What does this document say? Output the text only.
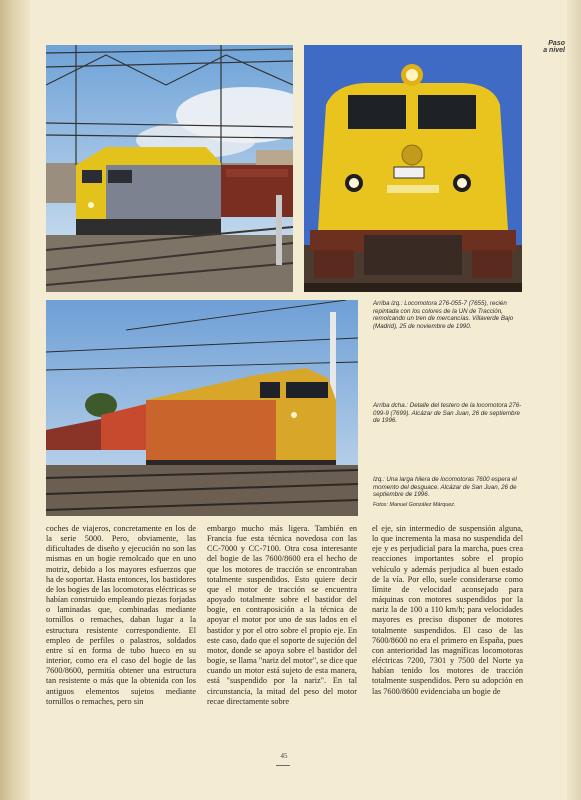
Paso
a nivel
Arriba izq.: Locomotora 276-055-7 (7655), recién repintada con los colores de la UN de Tracción, remolcando un tren de mercancías. Villaverde Bajo (Madrid), 25 de noviembre de 1990.
Arriba dcha.: Detalle del testero de la locomotora 276-099-9 (7699). Alcázar de San Juan, 26 de septiembre de 1996.
Izq.: Una larga hilera de locomotoras 7600 espera el momento del desguace. Alcázar de San Juan, 26 de septiembre de 1996.
Fotos: Manuel González Márquez.
coches de viajeros, concretamente en los de la serie 5000. Pero, obviamente, las dificultades de diseño y ejecución no son las mismas en un bogie remolcado que en uno motriz, debido a los mayores esfuerzos que ha de soportar. Hasta entonces, los bastidores de los bogies de las locomotoras eléctricas se habían construido empleando piezas forjadas o laminadas que, combinadas mediante tornillos o remaches, daban lugar a la estructura resistente correspondiente. El empleo de perfiles o palastros, soldados entre sí en forma de tubo hueco en su interior, como era el caso del bogie de las 7600/8600, permitía obtener una estructura tan resistente o más que la obtenida con los antiguos elementos sujetos mediante tornillos o remaches, pero sin
embargo mucho más ligera. También en Francia fue esta técnica novedosa con las CC-7000 y CC-7100. Otra cosa interesante del bogie de las 7600/8600 era el hecho de que los motores de tracción se encontraban totalmente suspendidos. Esto quiere decir que el motor de tracción se encuentra apoyado totalmente sobre el bastidor del bogie, en contraposición a la técnica de apoyar el motor por uno de sus lados en el bastidor y por el otro sobre el propio eje. En este caso, dado que el soporte de sujeción del motor, donde se apoya sobre el bastidor del bogie, se llama "nariz del motor", se dice que cuando un motor está sujeto de esta manera, está "suspendido por la nariz". En tal circunstancia, la mitad del peso del motor recae directamente sobre
el eje, sin intermedio de suspensión alguna, lo que incrementa la masa no suspendida del eje y es perjudicial para la marcha, pues crea reacciones importantes sobre el propio vehículo y además perjudica al buen estado de la vía. Por ello, suele considerarse como límite de velocidad aconsejado para máquinas con motores suspendidos por la nariz la de 100 a 110 km/h; para velocidades mayores es preciso disponer de motores totalmente suspendidos. El caso de las 7600/8600 no era el primero en España, pues con anterioridad las magníficas locomotoras eléctricas 7200, 7301 y 7500 del Norte ya habían tenido los motores de tracción totalmente suspendidos. Pero su adopción en las 7600/8600 evidenciaba un bogie de
45
